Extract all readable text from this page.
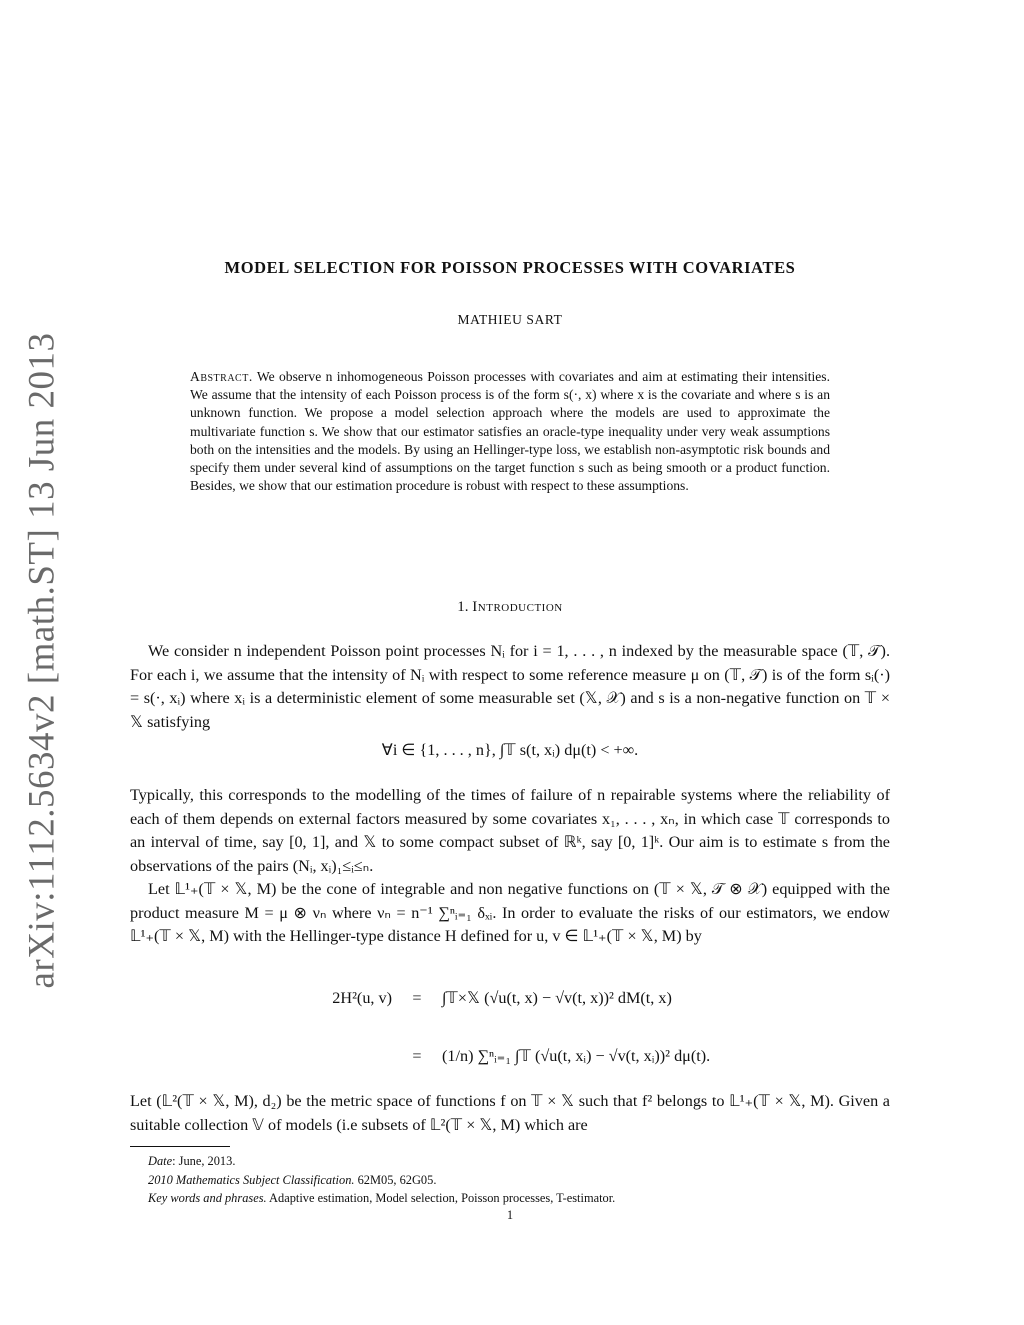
arXiv:1112.5634v2 [math.ST] 13 Jun 2013
MODEL SELECTION FOR POISSON PROCESSES WITH COVARIATES
MATHIEU SART
Abstract. We observe n inhomogeneous Poisson processes with covariates and aim at estimating their intensities. We assume that the intensity of each Poisson process is of the form s(·, x) where x is the covariate and where s is an unknown function. We propose a model selection approach where the models are used to approximate the multivariate function s. We show that our estimator satisfies an oracle-type inequality under very weak assumptions both on the intensities and the models. By using an Hellinger-type loss, we establish non-asymptotic risk bounds and specify them under several kind of assumptions on the target function s such as being smooth or a product function. Besides, we show that our estimation procedure is robust with respect to these assumptions.
1. Introduction
We consider n independent Poisson point processes Nᵢ for i = 1, . . . , n indexed by the measurable space (𝕋, 𝒯). For each i, we assume that the intensity of Nᵢ with respect to some reference measure μ on (𝕋, 𝒯) is of the form sᵢ(·) = s(·, xᵢ) where xᵢ is a deterministic element of some measurable set (𝕏, 𝒳) and s is a non-negative function on 𝕋 × 𝕏 satisfying
∀i ∈ {1, . . . , n}, ∫𝕋 s(t, xᵢ) dμ(t) < +∞.
Typically, this corresponds to the modelling of the times of failure of n repairable systems where the reliability of each of them depends on external factors measured by some covariates x₁, . . . , xₙ, in which case 𝕋 corresponds to an interval of time, say [0, 1], and 𝕏 to some compact subset of ℝᵏ, say [0, 1]ᵏ. Our aim is to estimate s from the observations of the pairs (Nᵢ, xᵢ)₁≤ᵢ≤ₙ.
Let 𝕃¹₊(𝕋 × 𝕏, M) be the cone of integrable and non negative functions on (𝕋 × 𝕏, 𝒯 ⊗ 𝒳) equipped with the product measure M = μ ⊗ νₙ where νₙ = n⁻¹ ∑ⁿᵢ₌₁ δₓᵢ. In order to evaluate the risks of our estimators, we endow 𝕃¹₊(𝕋 × 𝕏, M) with the Hellinger-type distance H defined for u, v ∈ 𝕃¹₊(𝕋 × 𝕏, M) by
2H²(u, v)	=	∫𝕋×𝕏 (√u(t, x) − √v(t, x))² dM(t, x)
=	(1/n) ∑ⁿᵢ₌₁ ∫𝕋 (√u(t, xᵢ) − √v(t, xᵢ))² dμ(t).
Let (𝕃²(𝕋 × 𝕏, M), d₂) be the metric space of functions f on 𝕋 × 𝕏 such that f² belongs to 𝕃¹₊(𝕋 × 𝕏, M). Given a suitable collection 𝕍 of models (i.e subsets of 𝕃²(𝕋 × 𝕏, M) which are
Date: June, 2013.
2010 Mathematics Subject Classification. 62M05, 62G05.
Key words and phrases. Adaptive estimation, Model selection, Poisson processes, T-estimator.
1
